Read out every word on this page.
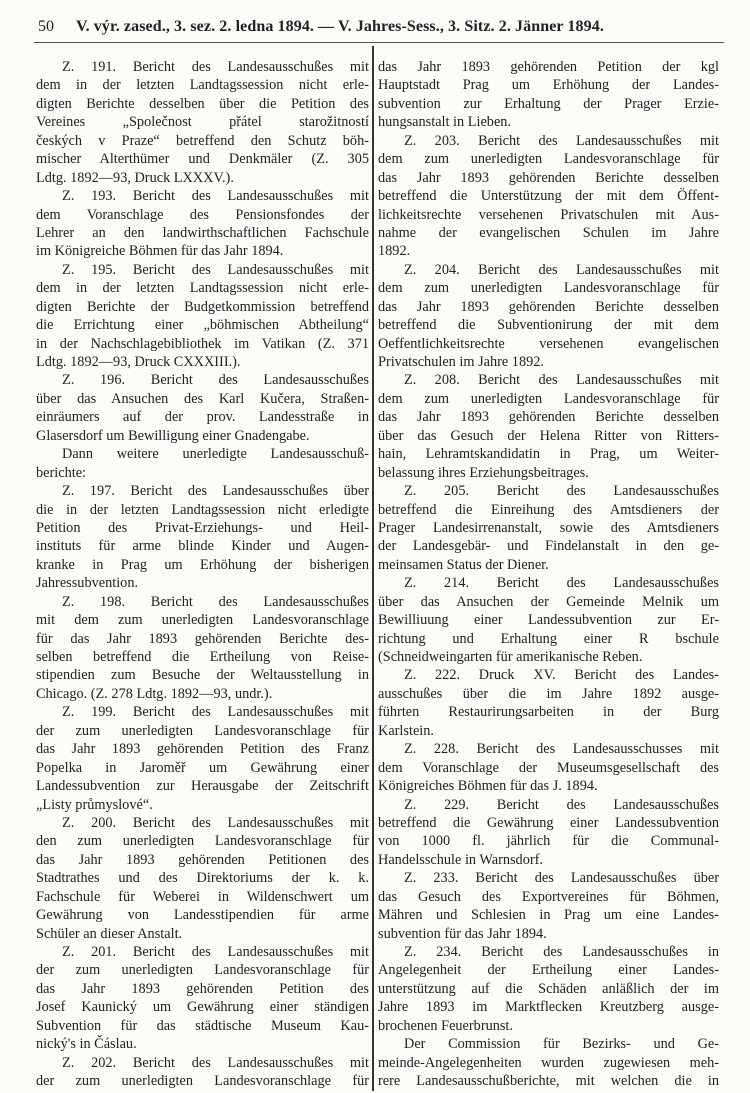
50 V. výr. zased., 3. sez. 2. ledna 1894. — V. Jahres-Sess., 3. Sitz. 2. Jänner 1894.
Z. 191. Bericht des Landesausschußes mit
dem in der letzten Landtagssession nicht erle-
digten Berichte desselben über die Petition des
Vereines „Společnost přátel starožitností
českých v Praze“ betreffend den Schutz böh-
mischer Alterthümer und Denkmäler (Z. 305
Ldtg. 1892—93, Druck LXXXV.).
Z. 193. Bericht des Landesausschußes mit
dem Voranschlage des Pensionsfondes der
Lehrer an den landwirthschaftlichen Fachschule
im Königreiche Böhmen für das Jahr 1894.
Z. 195. Bericht des Landesausschußes mit
dem in der letzten Landtagssession nicht erle-
digten Berichte der Budgetkommission betreffend
die Errichtung einer „böhmischen Abtheilung“
in der Nachschlagebibliothek im Vatikan (Z. 371
Ldtg. 1892—93, Druck CXXXIII.).
Z. 196. Bericht des Landesausschußes
über das Ansuchen des Karl Kučera, Straßen-
einräumers auf der prov. Landesstraße in
Glasersdorf um Bewilligung einer Gnadengabe.
Dann weitere unerledigte Landesausschuß-
berichte:
Z. 197. Bericht des Landesausschußes über
die in der letzten Landtagssession nicht erledigte
Petition des Privat-Erziehungs- und Heil-
instituts für arme blinde Kinder und Augen-
kranke in Prag um Erhöhung der bisherigen
Jahressubvention.
Z. 198. Bericht des Landesausschußes
mit dem zum unerledigten Landesvoranschlage
für das Jahr 1893 gehörenden Berichte des-
selben betreffend die Ertheilung von Reise-
stipendien zum Besuche der Weltausstellung in
Chicago. (Z. 278 Ldtg. 1892—93, undr.).
Z. 199. Bericht des Landesausschußes mit
der zum unerledigten Landesvoranschlage für
das Jahr 1893 gehörenden Petition des Franz
Popelka in Jaroměř um Gewährung einer
Landessubvention zur Herausgabe der Zeitschrift
„Listy průmyslové“.
Z. 200. Bericht des Landesausschußes mit
den zum unerledigten Landesvoranschlage für
das Jahr 1893 gehörenden Petitionen des
Stadtrathes und des Direktoriums der k. k.
Fachschule für Weberei in Wildenschwert um
Gewährung von Landesstipendien für arme
Schüler an dieser Anstalt.
Z. 201. Bericht des Landesausschußes mit
der zum unerledigten Landesvoranschlage für
das Jahr 1893 gehörenden Petition des
Josef Kaunický um Gewährung einer ständigen
Subvention für das städtische Museum Kau-
nický's in Čáslau.
Z. 202. Bericht des Landesausschußes mit
der zum unerledigten Landesvoranschlage für
das Jahr 1893 gehörenden Petition der kgl
Hauptstadt Prag um Erhöhung der Landes-
subvention zur Erhaltung der Prager Erzie-
hungsanstalt in Lieben.
Z. 203. Bericht des Landesausschußes mit
dem zum unerledigten Landesvoranschlage für
das Jahr 1893 gehörenden Berichte desselben
betreffend die Unterstützung der mit dem Öffent-
lichkeitsrechte versehenen Privatschulen mit Aus-
nahme der evangelischen Schulen im Jahre
1892.
Z. 204. Bericht des Landesausschußes mit
dem zum unerledigten Landesvoranschlage für
das Jahr 1893 gehörenden Berichte desselben
betreffend die Subventionirung der mit dem
Oeffentlichkeitsrechte versehenen evangelischen
Privatschulen im Jahre 1892.
Z. 208. Bericht des Landesausschußes mit
dem zum unerledigten Landesvoranschlage für
das Jahr 1893 gehörenden Berichte desselben
über das Gesuch der Helena Ritter von Ritters-
hain, Lehramtskandidatin in Prag, um Weiter-
belassung ihres Erziehungsbeitrages.
Z. 205. Bericht des Landesausschußes
betreffend die Einreihung des Amtsdieners der
Prager Landesirrenanstalt, sowie des Amtsdieners
der Landesgebär- und Findelanstalt in den ge-
meinsamen Status der Diener.
Z. 214. Bericht des Landesausschußes
über das Ansuchen der Gemeinde Melnik um
Bewilliuung einer Landessubvention zur Er-
richtung und Erhaltung einer R bschule
(Schneidweingarten für amerikanische Reben.
Z. 222. Druck XV. Bericht des Landes-
ausschußes über die im Jahre 1892 ausge-
führten Restaurirungsarbeiten in der Burg
Karlstein.
Z. 228. Bericht des Landesausschusses mit
dem Voranschlage der Museumsgesellschaft des
Königreiches Böhmen für das J. 1894.
Z. 229. Bericht des Landesausschußes
betreffend die Gewährung einer Landessubvention
von 1000 fl. jährlich für die Communal-
Handelsschule in Warnsdorf.
Z. 233. Bericht des Landesausschußes über
das Gesuch des Exportvereines für Böhmen,
Mähren und Schlesien in Prag um eine Landes-
subvention für das Jahr 1894.
Z. 234. Bericht des Landesausschußes in
Angelegenheit der Ertheilung einer Landes-
unterstützung auf die Schäden anläßlich der im
Jahre 1893 im Marktflecken Kreutzberg ausge-
brochenen Feuerbrunst.
Der Commission für Bezirks- und Ge-
meinde-Angelegenheiten wurden zugewiesen meh-
rere Landesausschußberichte, mit welchen die in
